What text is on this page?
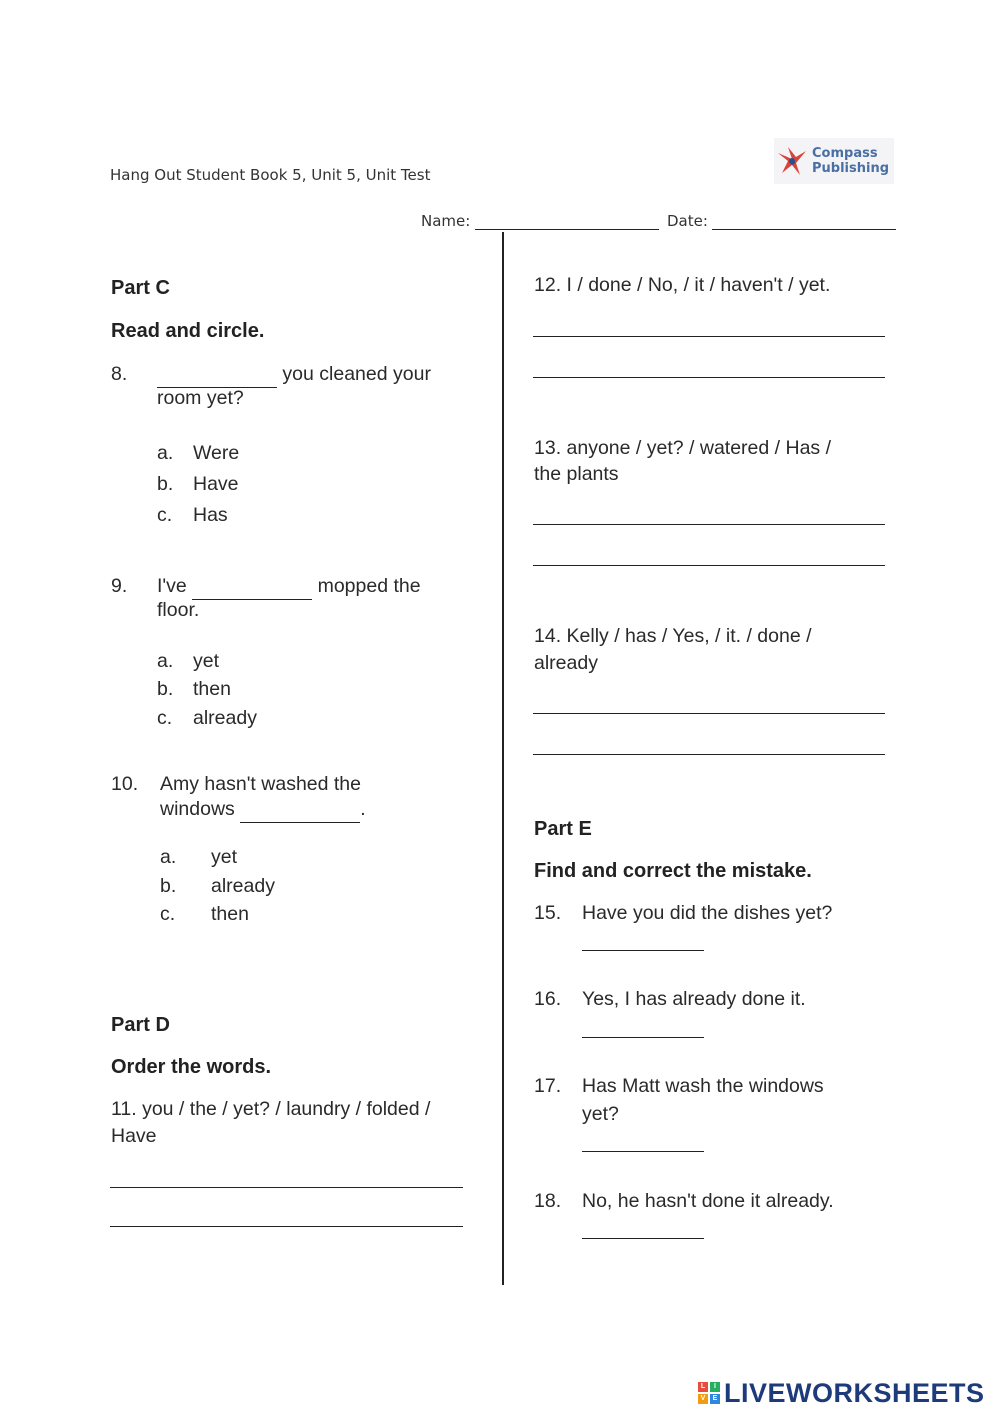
Hang Out Student Book 5, Unit 5, Unit Test
Compass
Publishing
Name:	Date:
Part C
Read and circle.
8.	you cleaned your
room yet?
a. Were
b. Have
c. Has
9. I've	mopped the
floor.
a. yet
b. then
c. already
10. Amy hasn't washed the
windows	.
a. yet
b. already
c. then
Part D
Order the words.
11. you / the / yet? / laundry / folded /
Have
12. I / done / No, / it / haven't / yet.
13. anyone / yet? / watered / Has /
the plants
14. Kelly / has / Yes, / it. / done /
already
Part E
Find and correct the mistake.
15. Have you did the dishes yet?
16. Yes, I has already done it.
17. Has Matt wash the windows
yet?
18. No, he hasn't done it already.
L	I
V	E LIVEWORKSHEETS
